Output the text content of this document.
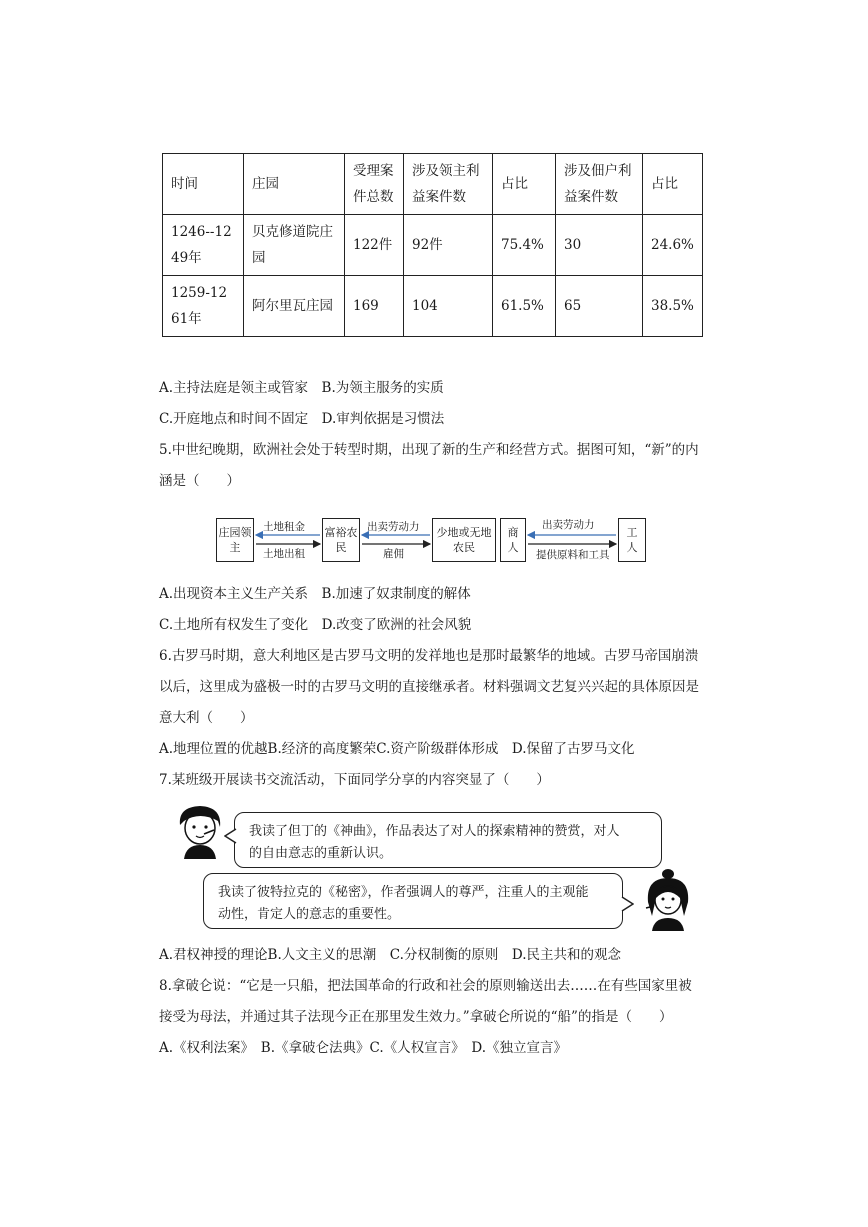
时间	庄园	受理案件总数	涉及领主利益案件数	占比	涉及佃户利益案件数	占比
1246--1249年	贝克修道院庄园	122件	92件	75.4%	30	24.6%
1259-1261年	阿尔里瓦庄园	169	104	61.5%	65	38.5%
A.主持法庭是领主或管家　B.为领主服务的实质
C.开庭地点和时间不固定　D.审判依据是习惯法
5.中世纪晚期，欧洲社会处于转型时期，出现了新的生产和经营方式。据图可知，“新”的内
涵是（　　）
庄园领主
富裕农民
少地或无地农民
商人
工人
土地租金
土地出租
出卖劳动力
雇佣
出卖劳动力
提供原料和工具
A.出现资本主义生产关系　B.加速了奴隶制度的解体
C.土地所有权发生了变化　D.改变了欧洲的社会风貌
6.古罗马时期，意大利地区是古罗马文明的发祥地也是那时最繁华的地域。古罗马帝国崩溃
以后，这里成为盛极一时的古罗马文明的直接继承者。材料强调文艺复兴兴起的具体原因是
意大利（　　）
A.地理位置的优越B.经济的高度繁荣C.资产阶级群体形成　D.保留了古罗马文化
7.某班级开展读书交流活动，下面同学分享的内容突显了（　　）
我读了但丁的《神曲》，作品表达了对人的探索精神的赞赏，对人
的自由意志的重新认识。
我读了彼特拉克的《秘密》，作者强调人的尊严，注重人的主观能
动性，肯定人的意志的重要性。
A.君权神授的理论B.人文主义的思潮　C.分权制衡的原则　D.民主共和的观念
8.拿破仑说：“它是一只船，把法国革命的行政和社会的原则输送出去……在有些国家里被
接受为母法，并通过其子法现今正在那里发生效力。”拿破仑所说的“船”的指是（　　）
A.《权利法案》　B.《拿破仑法典》C.《人权宣言》　D.《独立宣言》
